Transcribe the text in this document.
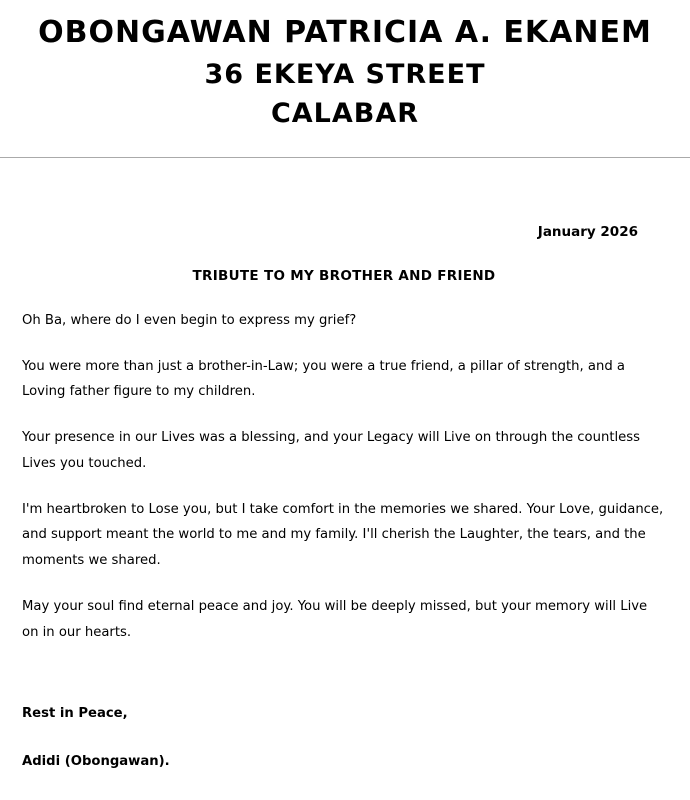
OBONGAWAN PATRICIA A. EKANEM
36 EKEYA STREET
CALABAR
January 2026
TRIBUTE TO MY BROTHER AND FRIEND

Oh Ba, where do I even begin to express my grief?

You were more than just a brother-in-Law; you were a true friend, a pillar of strength, and a Loving father figure to my children.

Your presence in our Lives was a blessing, and your Legacy will Live on through the countless Lives you touched.

I'm heartbroken to Lose you, but I take comfort in the memories we shared. Your Love, guidance, and support meant the world to me and my family. I'll cherish the Laughter, the tears, and the moments we shared.

May your soul find eternal peace and joy. You will be deeply missed, but your memory will Live on in our hearts.

Rest in Peace,
Adidi (Obongawan).
